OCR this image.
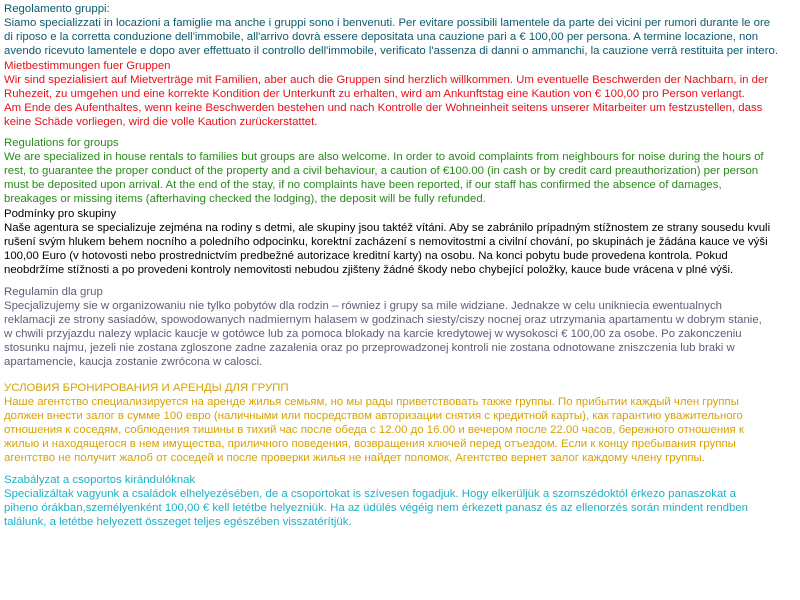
Regolamento gruppi:

Siamo specializzati in locazioni a famiglie ma anche i gruppi sono i benvenuti. Per evitare possibili lamentele da parte dei vicini per rumori durante le ore
di riposo e la corretta conduzione dell'immobile, all'arrivo dovrà essere depositata una cauzione pari a € 100,00 per persona. A termine locazione, non
avendo ricevuto lamentele e dopo aver effettuato il controllo dell'immobile, verificato l'assenza di danni o ammanchi, la cauzione verrà restituita per intero.

Mietbestimmungen fuer Gruppen

Wir sind spezialisiert auf Mietverträge mit Familien, aber auch die Gruppen sind herzlich willkommen. Um eventuelle Beschwerden der Nachbarn, in der
Ruhezeit, zu umgehen und eine korrekte Kondition der Unterkunft zu erhalten, wird am Ankunftstag eine Kaution von € 100,00 pro Person verlangt.
Am Ende des Aufenthaltes, wenn keine Beschwerden bestehen und nach Kontrolle der Wohneinheit seitens unserer Mitarbeiter um festzustellen, dass
keine Schäde vorliegen, wird die volle Kaution zurückerstattet.

Regulations for groups

We are specialized in house rentals to families but groups are also welcome. In order to avoid complaints from neighbours for noise during the hours of
rest, to guarantee the proper conduct of the property and a civil behaviour, a caution of €100.00 (in cash or by credit card preauthorization) per person
must be deposited upon arrival. At the end of the stay, if no complaints have been reported, if our staff has confirmed the absence of damages,
breakages or missing items (afterhaving checked the lodging), the deposit will be fully refunded.

Podmínky pro skupiny

Naše agentura se specializuje zejména na rodiny s detmi, ale skupiny jsou taktéž vítáni. Aby se zabránilo prípadným stížnostem ze strany sousedu kvuli
rušení svým hlukem behem nocního a poledního odpocinku, korektní zacházení s nemovitostmi a civilní chování, po skupinách je žádána kauce ve výši
100,00 Euro (v hotovosti nebo prostrednictvím predbežné autorizace kreditní karty) na osobu. Na konci pobytu bude provedena kontrola. Pokud
neobdržíme stížnosti a po provedeni kontroly nemovitosti nebudou zjišteny žádné škody nebo chybející položky, kauce bude vrácena v plné výši.

Regulamin dla grup

Specjalizujemy sie w organizowaniu nie tylko pobytów dla rodzin – równiez i grupy sa mile widziane. Jednakze w celu unikniecia ewentualnych
reklamacji ze strony sasiadów, spowodowanych nadmiernym halasem w godzinach siesty/ciszy nocnej oraz utrzymania apartamentu w dobrym stanie,
w chwili przyjazdu nalezy wplacic kaucje w gotówce lub za pomoca blokady na karcie kredytowej w wysokosci € 100,00 za osobe. Po zakonczeniu
stosunku najmu, jezeli nie zostana zgloszone zadne zazalenia oraz po przeprowadzonej kontroli nie zostana odnotowane zniszczenia lub braki w
apartamencie, kaucja zostanie zwrócona w calosci.

УСЛОВИЯ БРОНИРОВАНИЯ И АРЕНДЫ ДЛЯ ГРУПП

Наше агентство специализируется на аренде жилья семьям, но мы рады приветствовать также группы. По прибытии каждый член группы
должен внести залог в сумме 100 евро (наличными или посредством авторизации снятия с кредитной карты), как гарантию уважительного
отношения к соседям, соблюдения тишины в тихий час после обеда с 12.00 до 16.00 и вечером после 22.00 часов, бережного отношения к
жилью и находящегося в нем имущества, приличного поведения, возвращения ключей перед отъездом. Если к концу пребывания группы
агентство не получит жалоб от соседей и после проверки жилья не найдет поломок, Агентство вернет залог каждому члену группы.

Szabályzat a csoportos kirándulóknak

Specializáltak vagyunk a családok elhelyezésében, de a csoportokat is szívesen fogadjuk. Hogy elkerüljük a szomszédoktól érkezo panaszokat a
piheno órákban,személyenként 100,00 € kell letétbe helyezniük. Ha az üdülés végéig nem érkezett panasz és az ellenorzés során mindent rendben
találunk, a letétbe helyezett összeget teljes egészében visszatérítjük.
